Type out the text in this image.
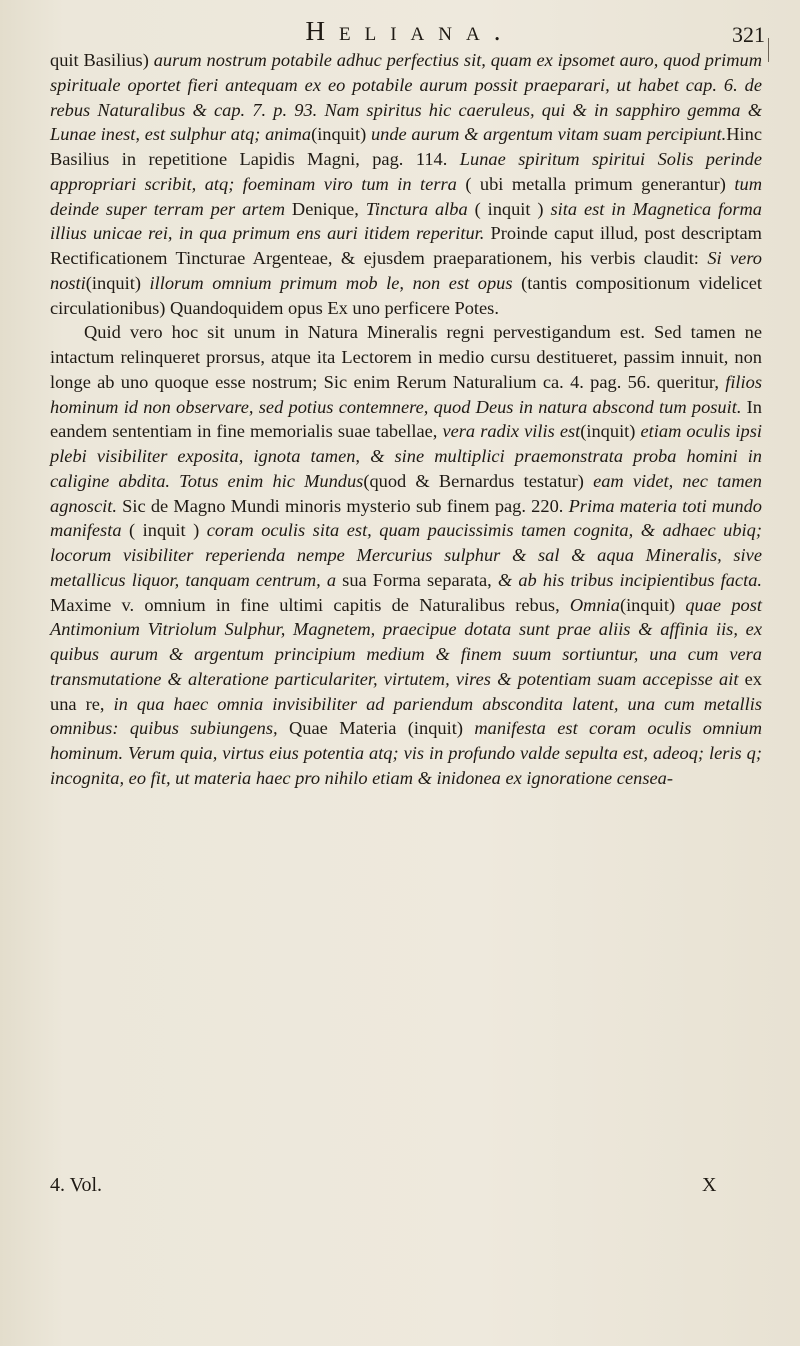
Heliana.	321

quit Basilius) aurum nostrum potabile adhuc perfectius sit, quam ex ipsomet auro, quod primum spirituale oportet fieri antequam ex eo potabile aurum possit praeparari, ut habet cap. 6. de rebus Naturalibus & cap. 7. p. 93. Nam spiritus hic caeruleus, qui & in sapphiro gemma & Lunae inest, est sulphur atq; anima(inquit) unde aurum & argentum vitam suam percipiunt.Hinc Basilius in repetitione Lapidis Magni, pag. 114. Lunae spiritum spiritui Solis perinde appropriari scribit, atq; foeminam viro tum in terra ( ubi metalla primum generantur) tum deinde super terram per artem Denique, Tinctura alba ( inquit ) sita est in Magnetica forma illius unicae rei, in qua primum ens auri itidem reperitur. Proinde caput illud, post descriptam Rectificationem Tincturae Argenteae, & ejusdem praeparationem, his verbis claudit: Si vero nosti(inquit) illorum omnium primum mob le, non est opus (tantis compositionum videlicet circulationibus) Quandoquidem opus Ex uno perficere Potes.

Quid vero hoc sit unum in Natura Mineralis regni pervestigandum est. Sed tamen ne intactum relinqueret prorsus, atque ita Lectorem in medio cursu destitueret, passim innuit, non longe ab uno quoque esse nostrum; Sic enim Rerum Naturalium ca. 4. pag. 56. queritur, filios hominum id non observare, sed potius contemnere, quod Deus in natura abscond tum posuit. In eandem sententiam in fine memorialis suae tabellae, vera radix vilis est(inquit) etiam oculis ipsi plebi visibiliter exposita, ignota tamen, & sine multiplici praemonstrata proba homini in caligine abdita. Totus enim hic Mundus(quod & Bernardus testatur) eam videt, nec tamen agnoscit. Sic de Magno Mundi minoris mysterio sub finem pag. 220. Prima materia toti mundo manifesta ( inquit ) coram oculis sita est, quam paucissimis tamen cognita, & adhaec ubiq; locorum visibiliter reperienda nempe Mercurius sulphur & sal & aqua Mineralis, sive metallicus liquor, tanquam centrum, a sua Forma separata, & ab his tribus incipientibus facta. Maxime v. omnium in fine ultimi capitis de Naturalibus rebus, Omnia(inquit) quae post Antimonium Vitriolum Sulphur, Magnetem, praecipue dotata sunt prae aliis & affinia iis, ex quibus aurum & argentum principium medium & finem suum sortiuntur, una cum vera transmutatione & alteratione particulariter, virtutem, vires & potentiam suam accepisse ait ex una re, in qua haec omnia invisibiliter ad pariendum abscondita latent, una cum metallis omnibus: quibus subiungens, Quae Materia (inquit) manifesta est coram oculis omnium hominum. Verum quia, virtus eius potentia atq; vis in profundo valde sepulta est, adeoq; leris q; incognita, eo fit, ut materia haec pro nihilo etiam & inidonea ex ignoratione censea-

4. Vol.	X
